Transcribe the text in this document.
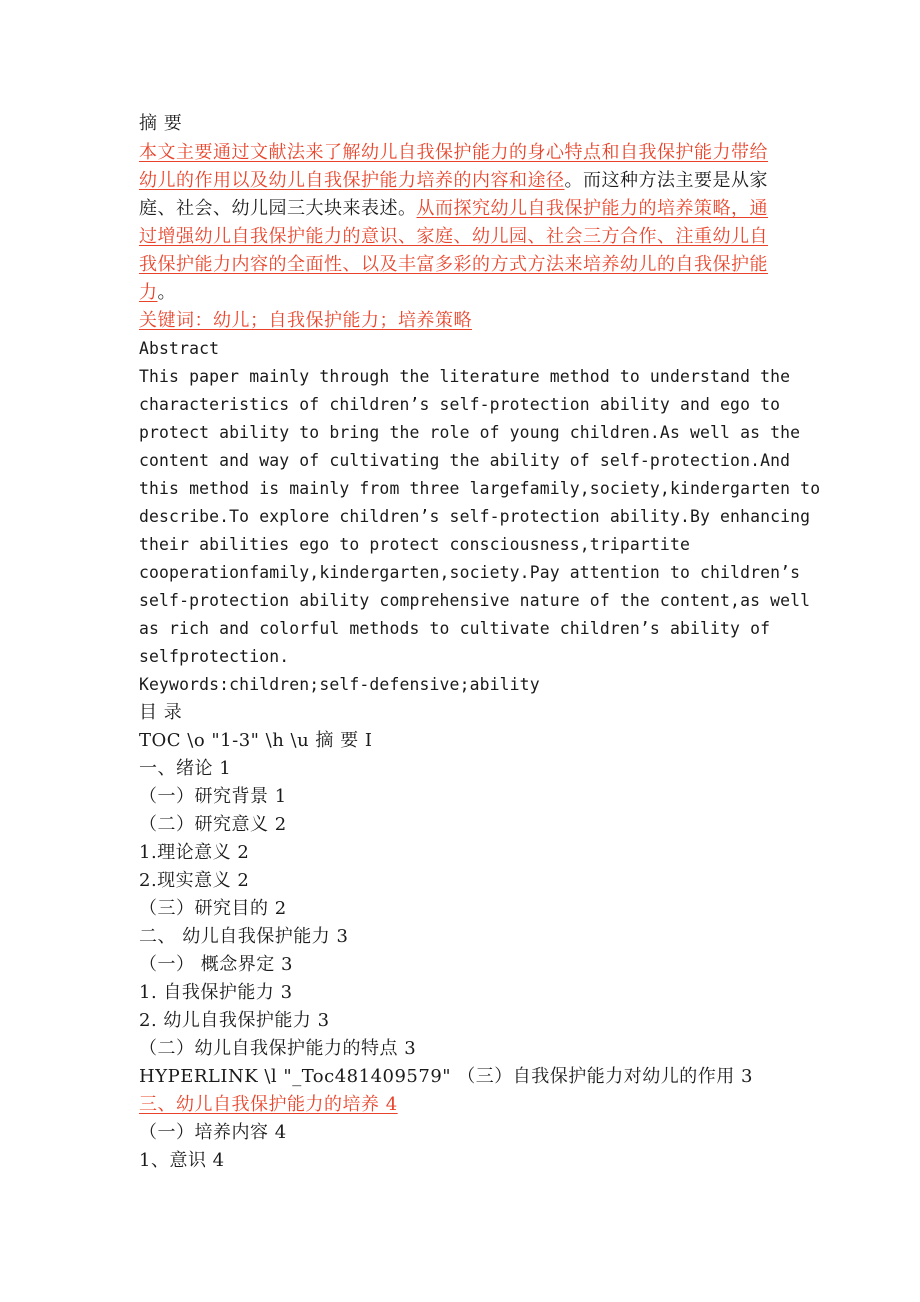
摘 要
本文主要通过文献法来了解幼儿自我保护能力的身心特点和自我保护能力带给
幼儿的作用以及幼儿自我保护能力培养的内容和途径。而这种方法主要是从家
庭、社会、幼儿园三大块来表述。从而探究幼儿自我保护能力的培养策略，通
过增强幼儿自我保护能力的意识、家庭、幼儿园、社会三方合作、注重幼儿自
我保护能力内容的全面性、以及丰富多彩的方式方法来培养幼儿的自我保护能
力。
关键词：幼儿；自我保护能力；培养策略
Abstract
This paper mainly through the literature method to understand the
characteristics of children’s self-protection ability and ego to
protect ability to bring the role of young children.As well as the
content and way of cultivating the ability of self-protection.And
this method is mainly from three largefamily,society,kindergarten to
describe.To explore children’s self-protection ability.By enhancing
their abilities ego to protect consciousness,tripartite
cooperationfamily,kindergarten,society.Pay attention to children’s
self-protection ability comprehensive nature of the content,as well
as rich and colorful methods to cultivate children’s ability of
selfprotection.
Keywords:children;self-defensive;ability
目 录
TOC \o "1-3" \h \u 摘 要 I
一、绪论 1
（一）研究背景 1
（二）研究意义 2
1.理论意义 2
2.现实意义 2
（三）研究目的 2
二、 幼儿自我保护能力 3
（一） 概念界定 3
1. 自我保护能力 3
2. 幼儿自我保护能力 3
（二）幼儿自我保护能力的特点 3
HYPERLINK \l "_Toc481409579" （三）自我保护能力对幼儿的作用 3
三、幼儿自我保护能力的培养 4
（一）培养内容 4
1、意识 4
